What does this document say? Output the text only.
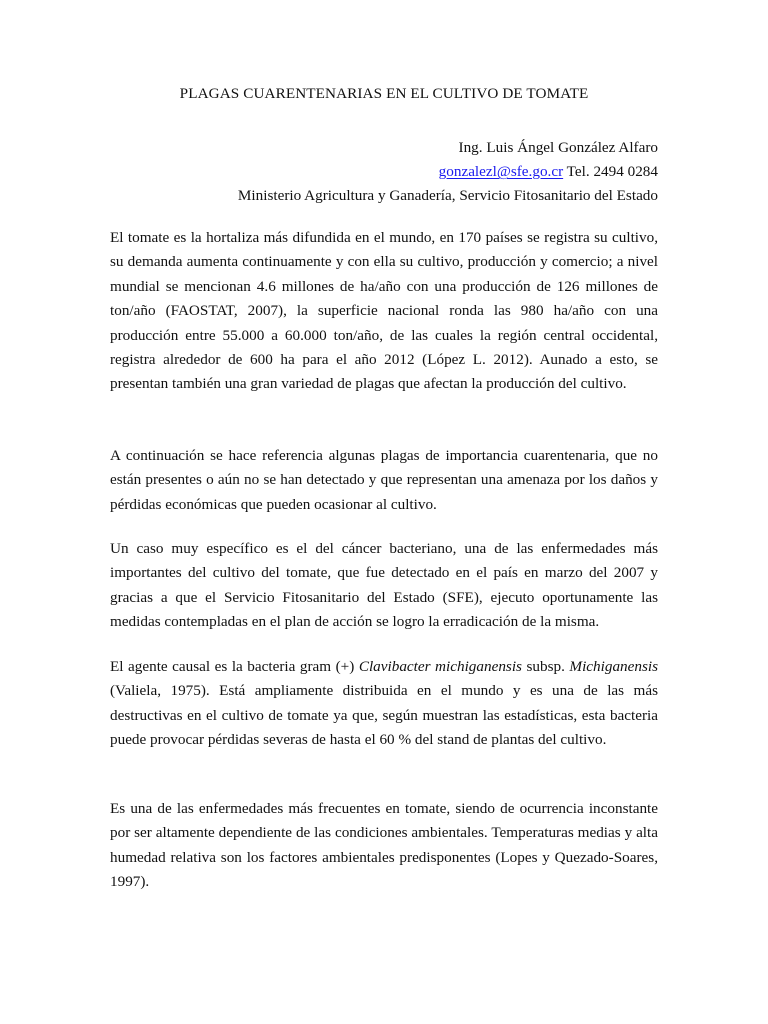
PLAGAS CUARENTENARIAS EN EL CULTIVO DE TOMATE
Ing. Luis Ángel González Alfaro
gonzalezl@sfe.go.cr Tel. 2494 0284
Ministerio Agricultura y Ganadería, Servicio Fitosanitario del Estado

El tomate es la hortaliza más difundida en el mundo, en 170 países se registra su cultivo, su demanda aumenta continuamente y con ella su cultivo, producción y comercio; a nivel mundial se mencionan 4.6 millones de ha/año con una producción de 126 millones de ton/año (FAOSTAT, 2007), la superficie nacional ronda las 980 ha/año con una producción entre 55.000 a 60.000 ton/año, de las cuales la región central occidental, registra alrededor de 600 ha para el año 2012 (López L. 2012). Aunado a esto, se presentan también una gran variedad de plagas que afectan la producción del cultivo.

A continuación se hace referencia algunas plagas de importancia cuarentenaria, que no están presentes o aún no se han detectado y que representan una amenaza por los daños y pérdidas económicas que pueden ocasionar al cultivo.

Un caso muy específico es el del cáncer bacteriano, una de las enfermedades más importantes del cultivo del tomate, que fue detectado en el país en marzo del 2007 y gracias a que el Servicio Fitosanitario del Estado (SFE), ejecuto oportunamente las medidas contempladas en el plan de acción se logro la erradicación de la misma.

El agente causal es la bacteria gram (+) Clavibacter michiganensis subsp. Michiganensis (Valiela, 1975). Está ampliamente distribuida en el mundo y es una de las más destructivas en el cultivo de tomate ya que, según muestran las estadísticas, esta bacteria puede provocar pérdidas severas de hasta el 60 % del stand de plantas del cultivo.

Es una de las enfermedades más frecuentes en tomate, siendo de ocurrencia inconstante por ser altamente dependiente de las condiciones ambientales. Temperaturas medias y alta humedad relativa son los factores ambientales predisponentes (Lopes y Quezado-Soares, 1997).
